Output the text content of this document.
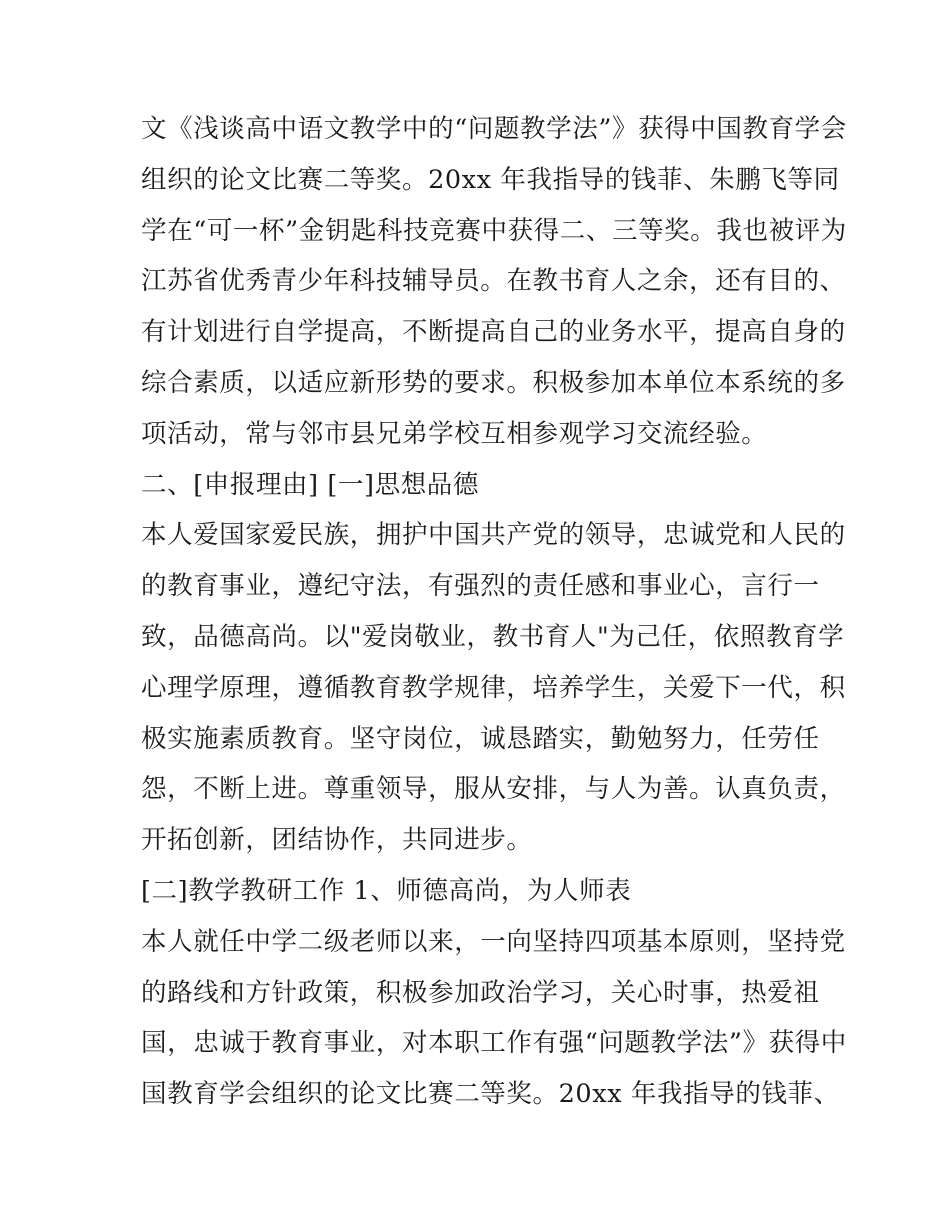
文《浅谈高中语文教学中的“问题教学法”》获得中国教育学会
组织的论文比赛二等奖。20xx 年我指导的钱菲、朱鹏飞等同
学在“可一杯”金钥匙科技竞赛中获得二、三等奖。我也被评为
江苏省优秀青少年科技辅导员。在教书育人之余，还有目的、
有计划进行自学提高，不断提高自己的业务水平，提高自身的
综合素质，以适应新形势的要求。积极参加本单位本系统的多
项活动，常与邻市县兄弟学校互相参观学习交流经验。
二、[申报理由] [一]思想品德
本人爱国家爱民族，拥护中国共产党的领导，忠诚党和人民的
的教育事业，遵纪守法，有强烈的责任感和事业心，言行一
致，品德高尚。以"爱岗敬业，教书育人"为己任，依照教育学
心理学原理，遵循教育教学规律，培养学生，关爱下一代，积
极实施素质教育。坚守岗位，诚恳踏实，勤勉努力，任劳任
怨，不断上进。尊重领导，服从安排，与人为善。认真负责，
开拓创新，团结协作，共同进步。
[二]教学教研工作 1、师德高尚，为人师表
本人就任中学二级老师以来，一向坚持四项基本原则，坚持党
的路线和方针政策，积极参加政治学习，关心时事，热爱祖
国，忠诚于教育事业，对本职工作有强“问题教学法”》获得中
国教育学会组织的论文比赛二等奖。20xx 年我指导的钱菲、
